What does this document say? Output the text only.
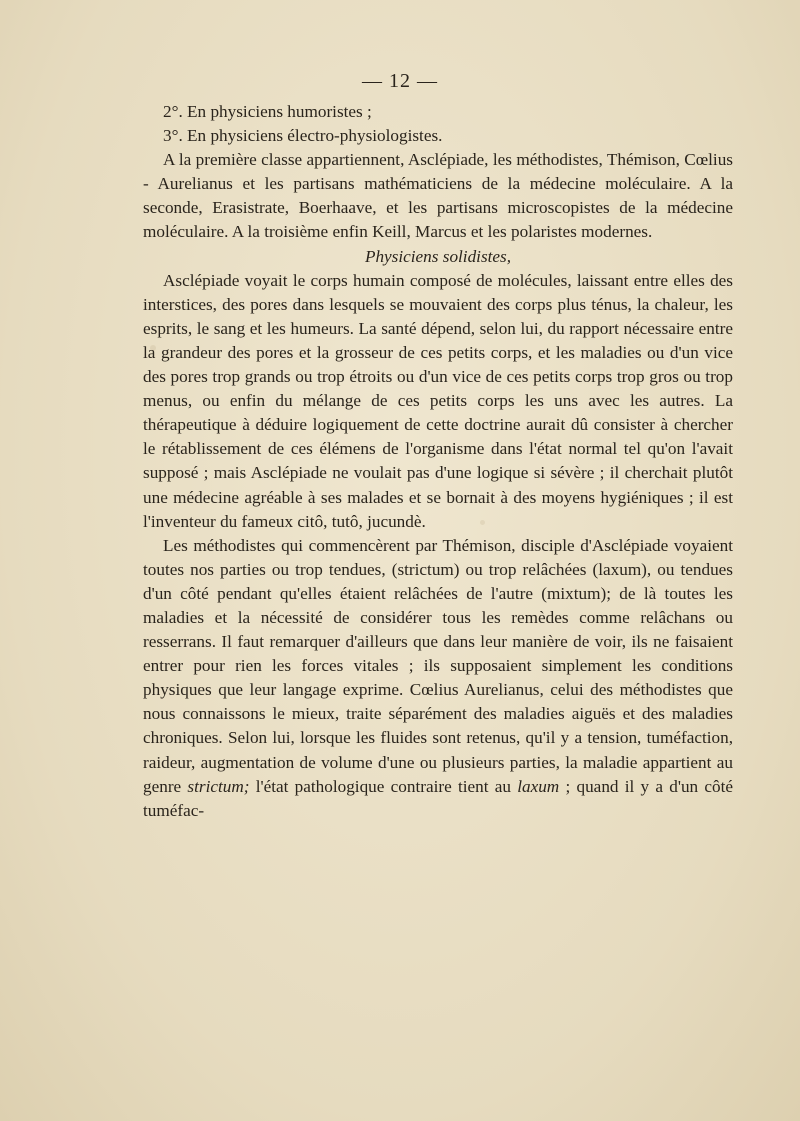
— 12 —

2°. En physiciens humoristes ;

3°. En physiciens électro-physiologistes.

A la première classe appartiennent, Asclépiade, les méthodistes, Thémison, Cœlius - Aurelianus et les partisans mathématiciens de la médecine moléculaire. A la seconde, Erasistrate, Boerhaave, et les partisans microscopistes de la médecine moléculaire. A la troisième enfin Keill, Marcus et les polaristes modernes.

Physiciens solidistes,

Asclépiade voyait le corps humain composé de molécules, laissant entre elles des interstices, des pores dans lesquels se mouvaient des corps plus ténus, la chaleur, les esprits, le sang et les humeurs. La santé dépend, selon lui, du rapport nécessaire entre la grandeur des pores et la grosseur de ces petits corps, et les maladies ou d'un vice des pores trop grands ou trop étroits ou d'un vice de ces petits corps trop gros ou trop menus, ou enfin du mélange de ces petits corps les uns avec les autres. La thérapeutique à déduire logiquement de cette doctrine aurait dû consister à chercher le rétablissement de ces élémens de l'organisme dans l'état normal tel qu'on l'avait supposé ; mais Asclépiade ne voulait pas d'une logique si sévère ; il cherchait plutôt une médecine agréable à ses malades et se bornait à des moyens hygiéniques ; il est l'inventeur du fameux citô, tutô, jucundè.

Les méthodistes qui commencèrent par Thémison, disciple d'Asclépiade voyaient toutes nos parties ou trop tendues, (strictum) ou trop relâchées (laxum), ou tendues d'un côté pendant qu'elles étaient relâchées de l'autre (mixtum); de là toutes les maladies et la nécessité de considérer tous les remèdes comme relâchans ou resserrans. Il faut remarquer d'ailleurs que dans leur manière de voir, ils ne faisaient entrer pour rien les forces vitales ; ils supposaient simplement les conditions physiques que leur langage exprime. Cœlius Aurelianus, celui des méthodistes que nous connaissons le mieux, traite séparément des maladies aiguës et des maladies chroniques. Selon lui, lorsque les fluides sont retenus, qu'il y a tension, tuméfaction, raideur, augmentation de volume d'une ou plusieurs parties, la maladie appartient au genre strictum; l'état pathologique contraire tient au laxum ; quand il y a d'un côté tuméfac-
